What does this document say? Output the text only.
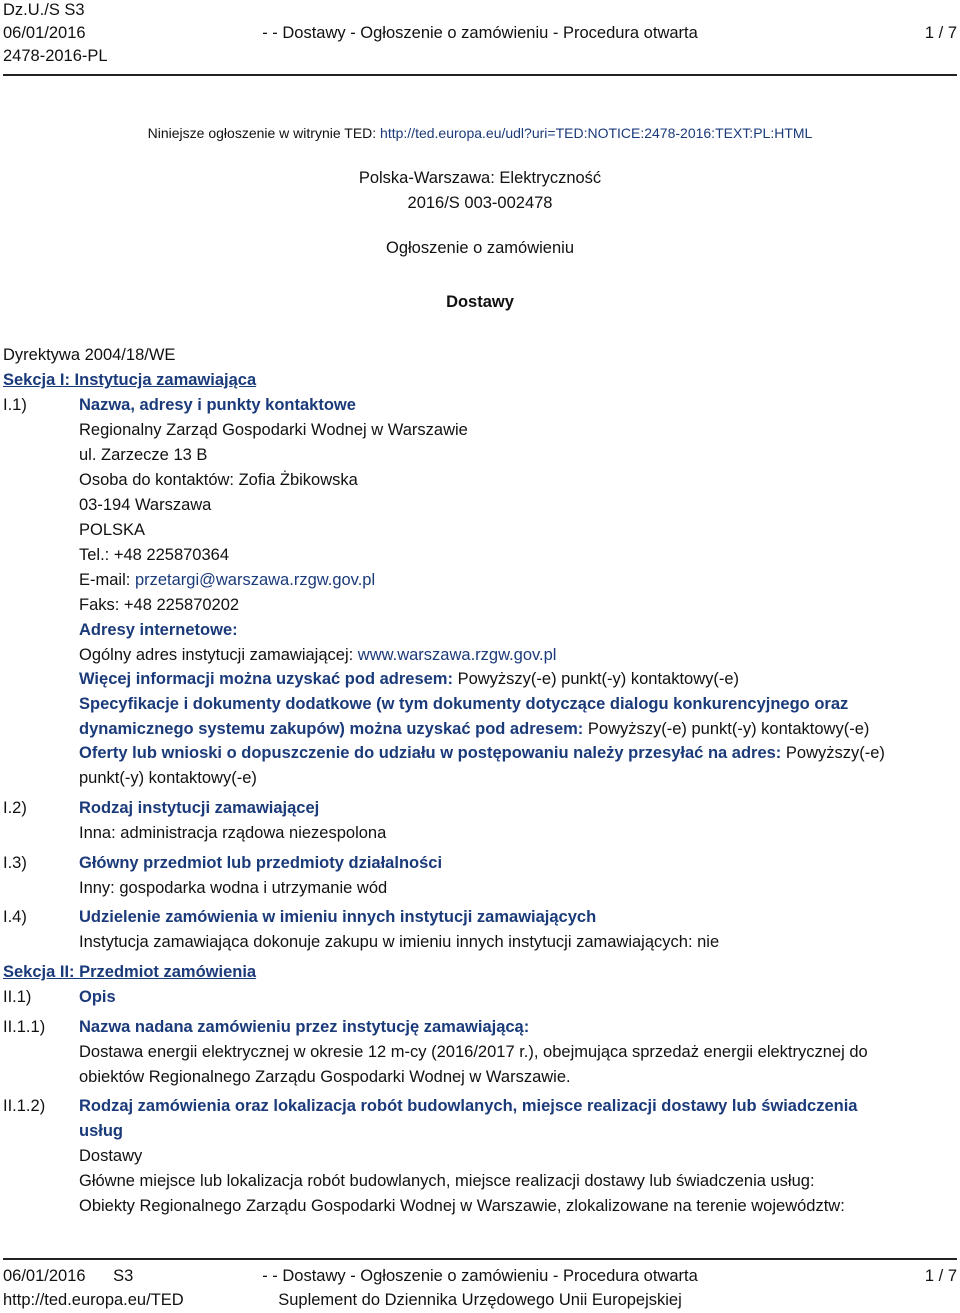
Dz.U./S S3
06/01/2016
2478-2016-PL
- - Dostawy - Ogłoszenie o zamówieniu - Procedura otwarta	1 / 7
Niniejsze ogłoszenie w witrynie TED: http://ted.europa.eu/udl?uri=TED:NOTICE:2478-2016:TEXT:PL:HTML
Polska-Warszawa: Elektryczność
2016/S 003-002478
Ogłoszenie o zamówieniu
Dostawy
Dyrektywa 2004/18/WE
Sekcja I: Instytucja zamawiająca
I.1)	Nazwa, adresy i punkty kontaktowe
Regionalny Zarząd Gospodarki Wodnej w Warszawie
ul. Zarzecze 13 B
Osoba do kontaktów: Zofia Żbikowska
03-194 Warszawa
POLSKA
Tel.: +48 225870364
E-mail: przetargi@warszawa.rzgw.gov.pl
Faks: +48 225870202
Adresy internetowe:
Ogólny adres instytucji zamawiającej: www.warszawa.rzgw.gov.pl
Więcej informacji można uzyskać pod adresem: Powyższy(-e) punkt(-y) kontaktowy(-e)
Specyfikacje i dokumenty dodatkowe (w tym dokumenty dotyczące dialogu konkurencyjnego oraz
dynamicznego systemu zakupów) można uzyskać pod adresem: Powyższy(-e) punkt(-y) kontaktowy(-e)
Oferty lub wnioski o dopuszczenie do udziału w postępowaniu należy przesyłać na adres: Powyższy(-e)
punkt(-y) kontaktowy(-e)
I.2)	Rodzaj instytucji zamawiającej
Inna: administracja rządowa niezespolona
I.3)	Główny przedmiot lub przedmioty działalności
Inny: gospodarka wodna i utrzymanie wód
I.4)	Udzielenie zamówienia w imieniu innych instytucji zamawiających
Instytucja zamawiająca dokonuje zakupu w imieniu innych instytucji zamawiających: nie
Sekcja II: Przedmiot zamówienia
II.1)	Opis
II.1.1) Nazwa nadana zamówieniu przez instytucję zamawiającą:
Dostawa energii elektrycznej w okresie 12 m-cy (2016/2017 r.), obejmująca sprzedaż energii elektrycznej do
obiektów Regionalnego Zarządu Gospodarki Wodnej w Warszawie.
II.1.2) Rodzaj zamówienia oraz lokalizacja robót budowlanych, miejsce realizacji dostawy lub świadczenia
usług
Dostawy
Główne miejsce lub lokalizacja robót budowlanych, miejsce realizacji dostawy lub świadczenia usług:
Obiekty Regionalnego Zarządu Gospodarki Wodnej w Warszawie, zlokalizowane na terenie województw:
06/01/2016 S3
http://ted.europa.eu/TED
- - Dostawy - Ogłoszenie o zamówieniu - Procedura otwarta
Suplement do Dziennika Urzędowego Unii Europejskiej
1 / 7
